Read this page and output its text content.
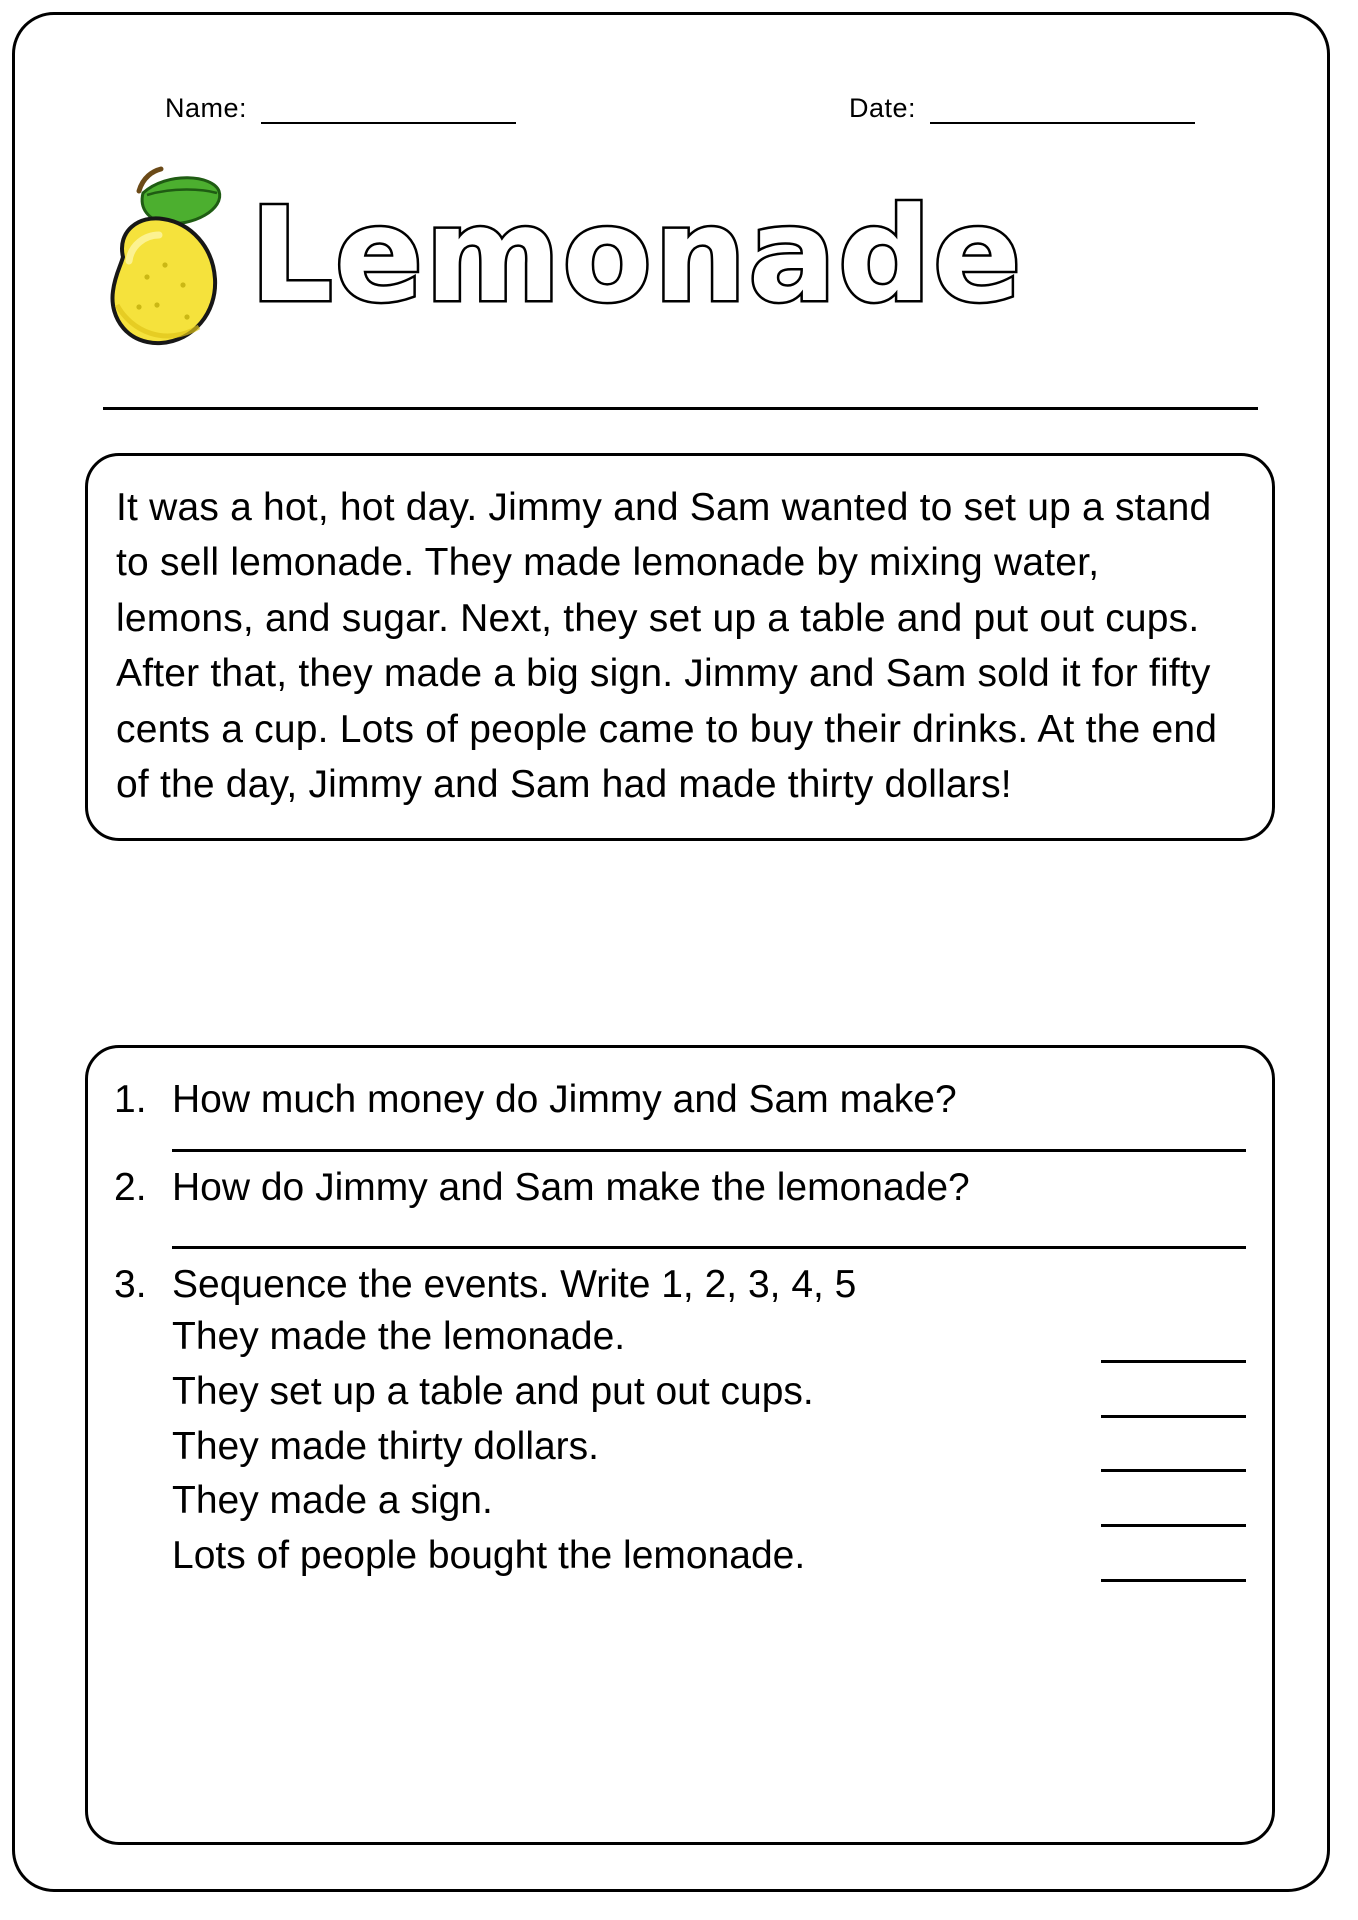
Name:	Date:
Lemonade
It was a hot, hot day. Jimmy and Sam wanted to set up a stand to sell lemonade. They made lemonade by mixing water, lemons, and sugar. Next, they set up a table and put out cups. After that, they made a big sign. Jimmy and Sam sold it for fifty cents a cup. Lots of people came to buy their drinks. At the end of the day, Jimmy and Sam had made thirty dollars!
1. How much money do Jimmy and Sam make?
2. How do Jimmy and Sam make the lemonade?
3. Sequence the events. Write 1, 2, 3, 4, 5
They made the lemonade.
They set up a table and put out cups.
They made thirty dollars.
They made a sign.
Lots of people bought the lemonade.
